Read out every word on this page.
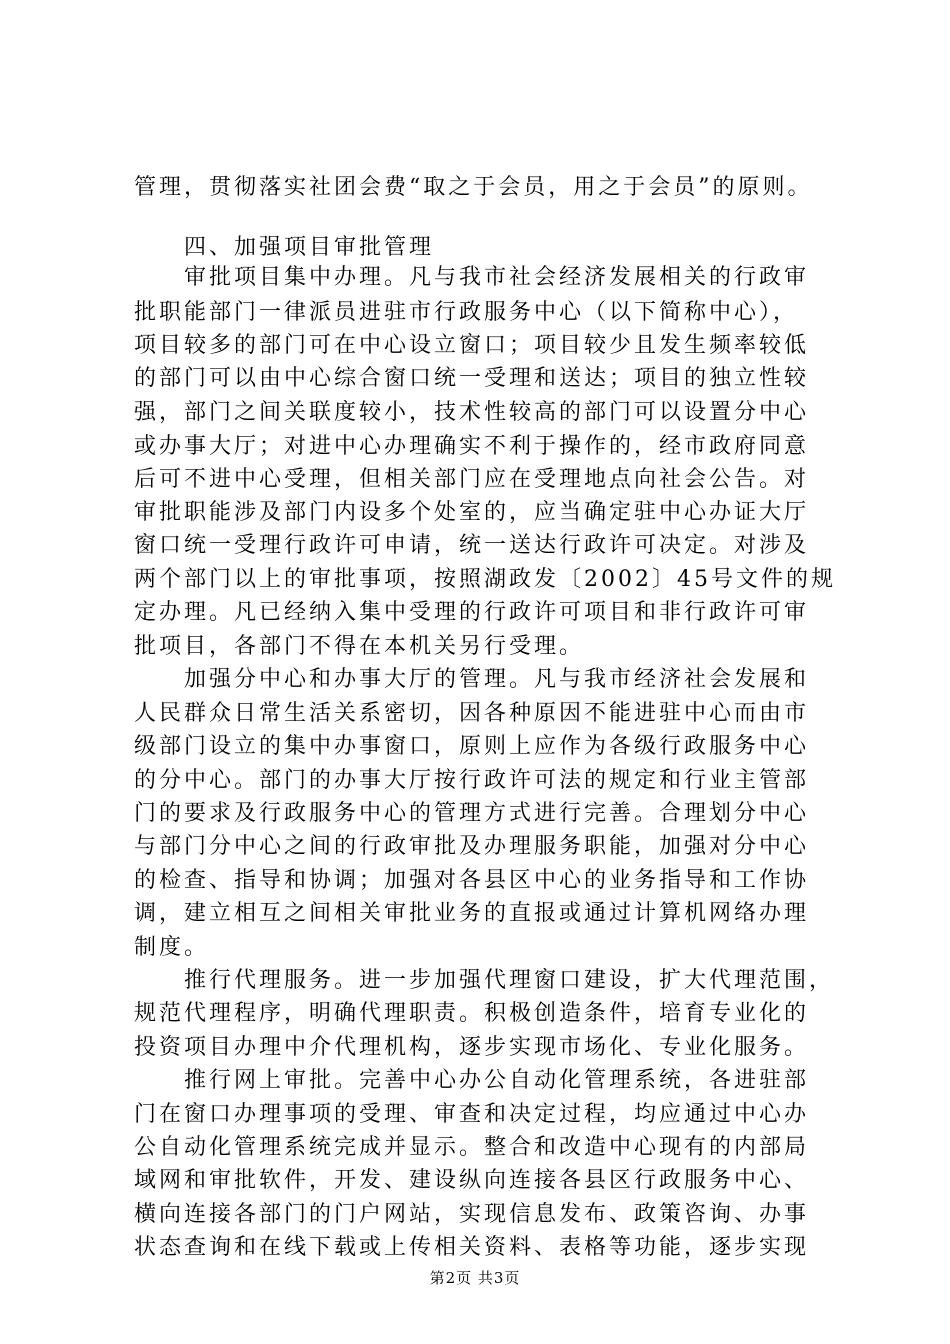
管理，贯彻落实社团会费“取之于会员，用之于会员”的原则。
四、加强项目审批管理
审批项目集中办理。凡与我市社会经济发展相关的行政审
批职能部门一律派员进驻市行政服务中心（以下简称中心），
项目较多的部门可在中心设立窗口；项目较少且发生频率较低
的部门可以由中心综合窗口统一受理和送达；项目的独立性较
强，部门之间关联度较小，技术性较高的部门可以设置分中心
或办事大厅；对进中心办理确实不利于操作的，经市政府同意
后可不进中心受理，但相关部门应在受理地点向社会公告。对
审批职能涉及部门内设多个处室的，应当确定驻中心办证大厅
窗口统一受理行政许可申请，统一送达行政许可决定。对涉及
两个部门以上的审批事项，按照湖政发〔2002〕45号文件的规
定办理。凡已经纳入集中受理的行政许可项目和非行政许可审
批项目，各部门不得在本机关另行受理。
加强分中心和办事大厅的管理。凡与我市经济社会发展和
人民群众日常生活关系密切，因各种原因不能进驻中心而由市
级部门设立的集中办事窗口，原则上应作为各级行政服务中心
的分中心。部门的办事大厅按行政许可法的规定和行业主管部
门的要求及行政服务中心的管理方式进行完善。合理划分中心
与部门分中心之间的行政审批及办理服务职能，加强对分中心
的检查、指导和协调；加强对各县区中心的业务指导和工作协
调，建立相互之间相关审批业务的直报或通过计算机网络办理
制度。
推行代理服务。进一步加强代理窗口建设，扩大代理范围，
规范代理程序，明确代理职责。积极创造条件，培育专业化的
投资项目办理中介代理机构，逐步实现市场化、专业化服务。
推行网上审批。完善中心办公自动化管理系统，各进驻部
门在窗口办理事项的受理、审查和决定过程，均应通过中心办
公自动化管理系统完成并显示。整合和改造中心现有的内部局
域网和审批软件，开发、建设纵向连接各县区行政服务中心、
横向连接各部门的门户网站，实现信息发布、政策咨询、办事
状态查询和在线下载或上传相关资料、表格等功能，逐步实现
第2页 共3页
